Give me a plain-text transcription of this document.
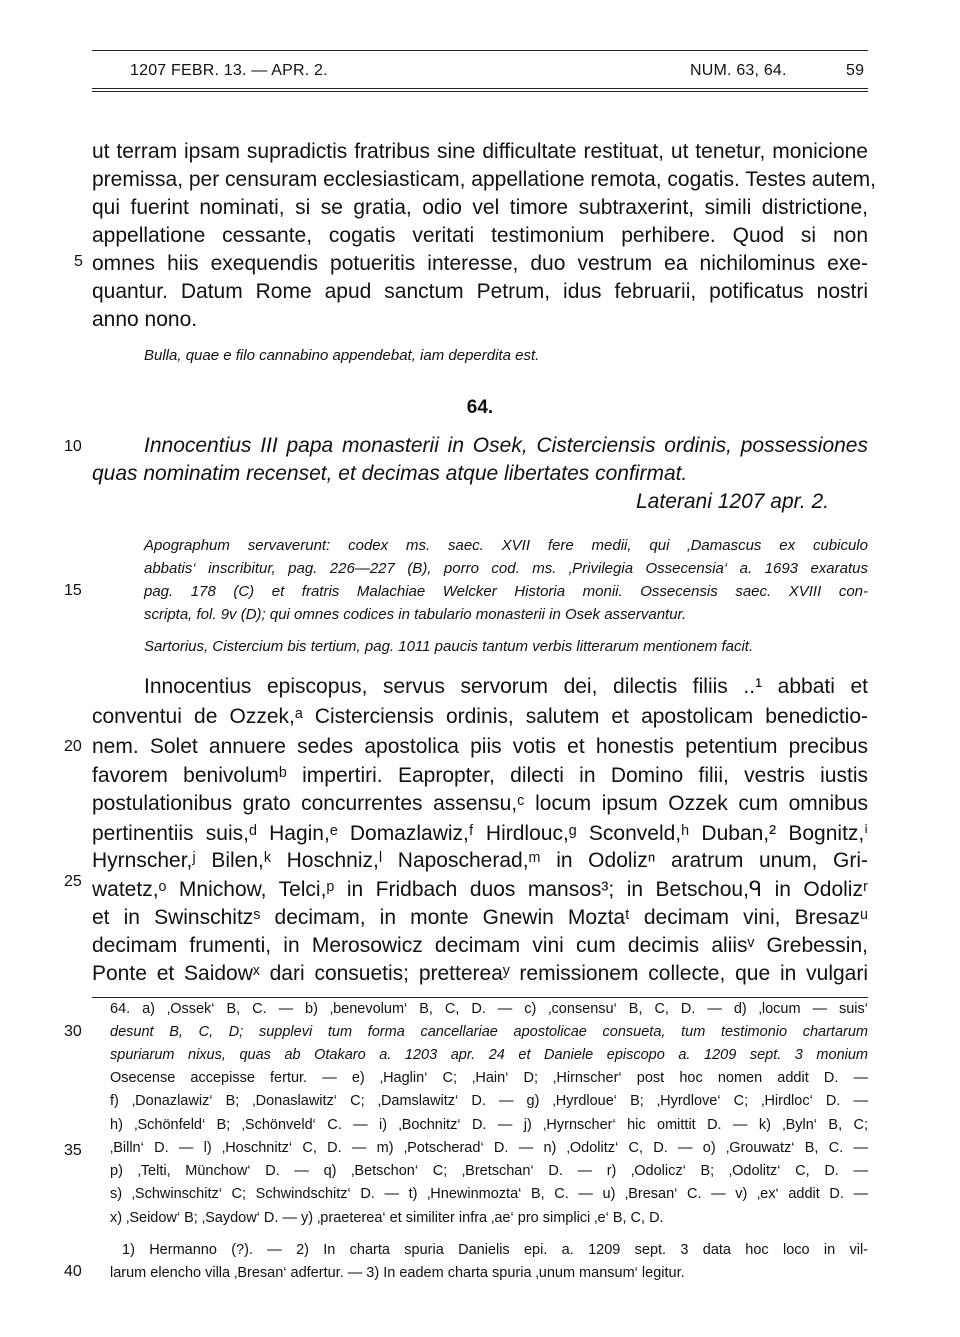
1207 FEBR. 13. — APR. 2.	NUM. 63, 64.	59
5
10
15
20
25
30
35
40
ut terram ipsam supradictis fratribus sine difficultate restituat, ut tenetur, monicione
premissa, per censuram ecclesiasticam, appellatione remota, cogatis. Testes autem,
qui fuerint nominati, si se gratia, odio vel timore subtraxerint, simili districtione,
appellatione cessante, cogatis veritati testimonium perhibere. Quod si non
omnes hiis exequendis potueritis interesse, duo vestrum ea nichilominus exe-
quantur. Datum Rome apud sanctum Petrum, idus februarii, potificatus nostri
anno nono.
Bulla, quae e filo cannabino appendebat, iam deperdita est.
64.
Innocentius III papa monasterii in Osek, Cisterciensis ordinis, possessiones
quas nominatim recenset, et decimas atque libertates confirmat.
Laterani 1207 apr. 2.
Apographum servaverunt: codex ms. saec. XVII fere medii, qui ‚Damascus ex cubiculo
abbatis‘ inscribitur, pag. 226—227 (B), porro cod. ms. ‚Privilegia Ossecensia‘ a. 1693 exaratus
pag. 178 (C) et fratris Malachiae Welcker Historia monii. Ossecensis saec. XVIII con-
scripta, fol. 9v (D); qui omnes codices in tabulario monasterii in Osek asservantur.
Sartorius, Cistercium bis tertium, pag. 1011 paucis tantum verbis litterarum mentionem facit.
Innocentius episcopus, servus servorum dei, dilectis filiis ..¹ abbati et
conventui de Ozzek,ᵃ Cisterciensis ordinis, salutem et apostolicam benedictio-
nem. Solet annuere sedes apostolica piis votis et honestis petentium precibus
favorem benivolumᵇ impertiri. Eapropter, dilecti in Domino filii, vestris iustis
postulationibus grato concurrentes assensu,ᶜ locum ipsum Ozzek cum omnibus
pertinentiis suis,ᵈ Hagin,ᵉ Domazlawiz,ᶠ Hirdlouc,ᵍ Sconveld,ʰ Duban,² Bognitz,ⁱ
Hyrnscher,ʲ Bilen,ᵏ Hoschniz,ˡ Naposcherad,ᵐ in Odolizⁿ aratrum unum, Gri-
watetz,ᵒ Mnichow, Telci,ᵖ in Fridbach duos mansos³; in Betschou,ᑫ in Odolizʳ
et in Swinschitzˢ decimam, in monte Gnewin Moztaᵗ decimam vini, Bresazᵘ
decimam frumenti, in Merosowicz decimam vini cum decimis aliisᵛ Grebessin,
Ponte et Saidowˣ dari consuetis; prettereaʸ remissionem collecte, que in vulgari
64. a) ‚Ossek‘ B, C. — b) ‚benevolum‘ B, C, D. — c) ‚consensu‘ B, C, D. — d) ‚locum — suis‘
desunt B, C, D; supplevi tum forma cancellariae apostolicae consueta, tum testimonio chartarum
spuriarum nixus, quas ab Otakaro a. 1203 apr. 24 et Daniele episcopo a. 1209 sept. 3 monium
Osecense accepisse fertur. — e) ‚Haglin‘ C; ‚Hain‘ D; ‚Hirnscher‘ post hoc nomen addit D. —
f) ‚Donazlawiz‘ B; ‚Donaslawitz‘ C; ‚Damslawitz‘ D. — g) ‚Hyrdloue‘ B; ‚Hyrdlove‘ C; ‚Hirdloc‘ D. —
h) ‚Schönfeld‘ B; ‚Schönveld‘ C. — i) ‚Bochnitz‘ D. — j) ‚Hyrnscher‘ hic omittit D. — k) ‚Byln‘ B, C;
‚Billn‘ D. — l) ‚Hoschnitz‘ C, D. — m) ‚Potscherad‘ D. — n) ‚Odolitz‘ C, D. — o) ‚Grouwatz‘ B, C. —
p) ‚Telti, Münchow‘ D. — q) ‚Betschon‘ C; ‚Bretschan‘ D. — r) ‚Odolicz‘ B; ‚Odolitz‘ C, D. —
s) ‚Schwinschitz‘ C; Schwindschitz‘ D. — t) ‚Hnewinmozta‘ B, C. — u) ‚Bresan‘ C. — v) ‚ex‘ addit D. —
x) ‚Seidow‘ B; ‚Saydow‘ D. — y) ‚praeterea‘ et similiter infra ‚ae‘ pro simplici ‚e‘ B, C, D.
1) Hermanno (?). — 2) In charta spuria Danielis epi. a. 1209 sept. 3 data hoc loco in vil-
larum elencho villa ‚Bresan‘ adfertur. — 3) In eadem charta spuria ‚unum mansum‘ legitur.
